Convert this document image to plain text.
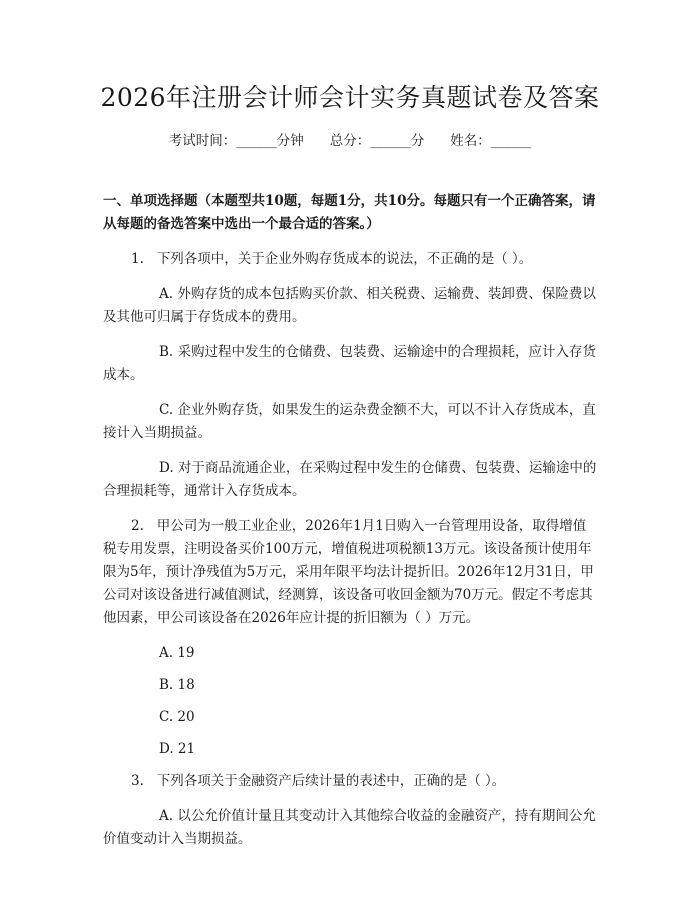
2026年注册会计师会计实务真题试卷及答案
考试时间：______分钟 总分：______分 姓名：______

一、单项选择题（本题型共10题，每题1分，共10分。每题只有一个正确答案，请从每题的备选答案中选出一个最合适的答案。）

1.   下列各项中，关于企业外购存货成本的说法，不正确的是（ ）。

A. 外购存货的成本包括购买价款、相关税费、运输费、装卸费、保险费以及其他可归属于存货成本的费用。

B. 采购过程中发生的仓储费、包装费、运输途中的合理损耗，应计入存货成本。

C. 企业外购存货，如果发生的运杂费金额不大，可以不计入存货成本，直接计入当期损益。

D. 对于商品流通企业，在采购过程中发生的仓储费、包装费、运输途中的合理损耗等，通常计入存货成本。

2.   甲公司为一般工业企业，2026年1月1日购入一台管理用设备，取得增值税专用发票，注明设备买价100万元，增值税进项税额13万元。该设备预计使用年限为5年，预计净残值为5万元，采用年限平均法计提折旧。2026年12月31日，甲公司对该设备进行减值测试，经测算，该设备可收回金额为70万元。假定不考虑其他因素，甲公司该设备在2026年应计提的折旧额为（ ）万元。

A. 19

B. 18

C. 20

D. 21

3.   下列各项关于金融资产后续计量的表述中，正确的是（ ）。

A. 以公允价值计量且其变动计入其他综合收益的金融资产，持有期间公允价值变动计入当期损益。
